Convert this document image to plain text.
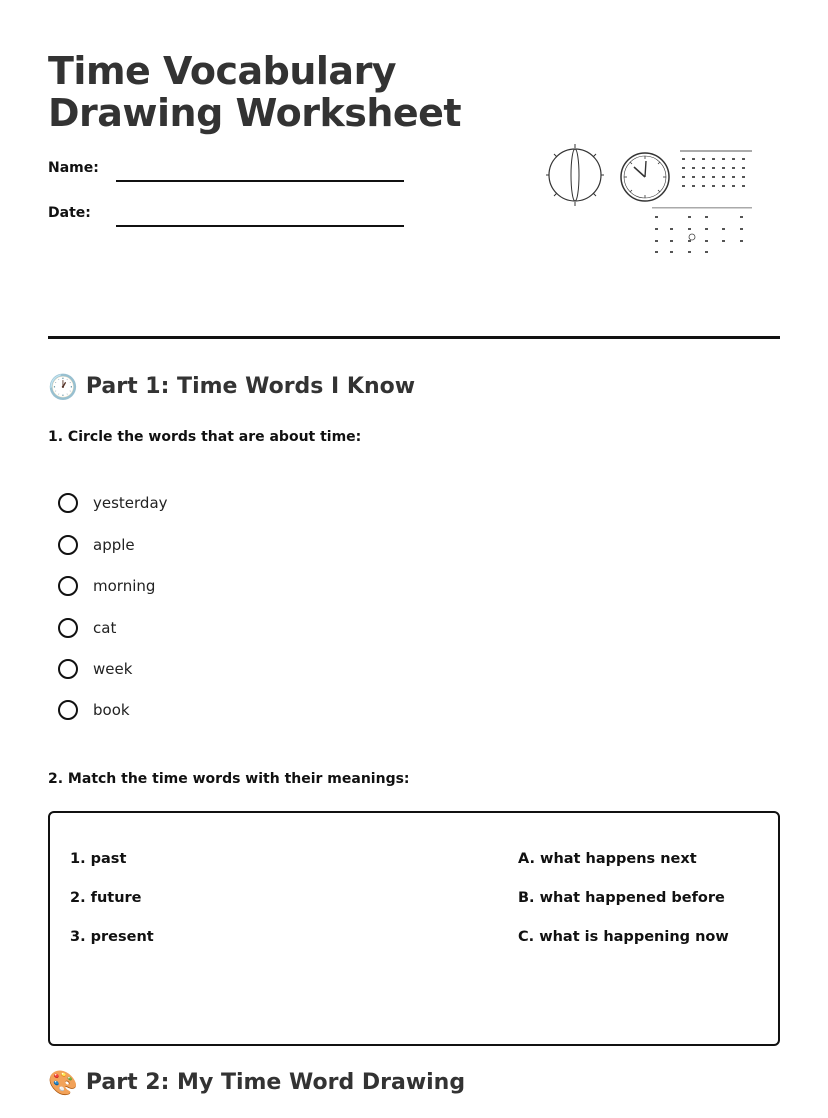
Time Vocabulary
Drawing Worksheet
Name:
Date:
🕐 Part 1: Time Words I Know

1. Circle the words that are about time:

yesterday
apple
morning
cat
week
book

2. Match the time words with their meanings:

1. past
2. future
3. present
A. what happens next
B. what happened before
C. what is happening now
🎨 Part 2: My Time Word Drawing
